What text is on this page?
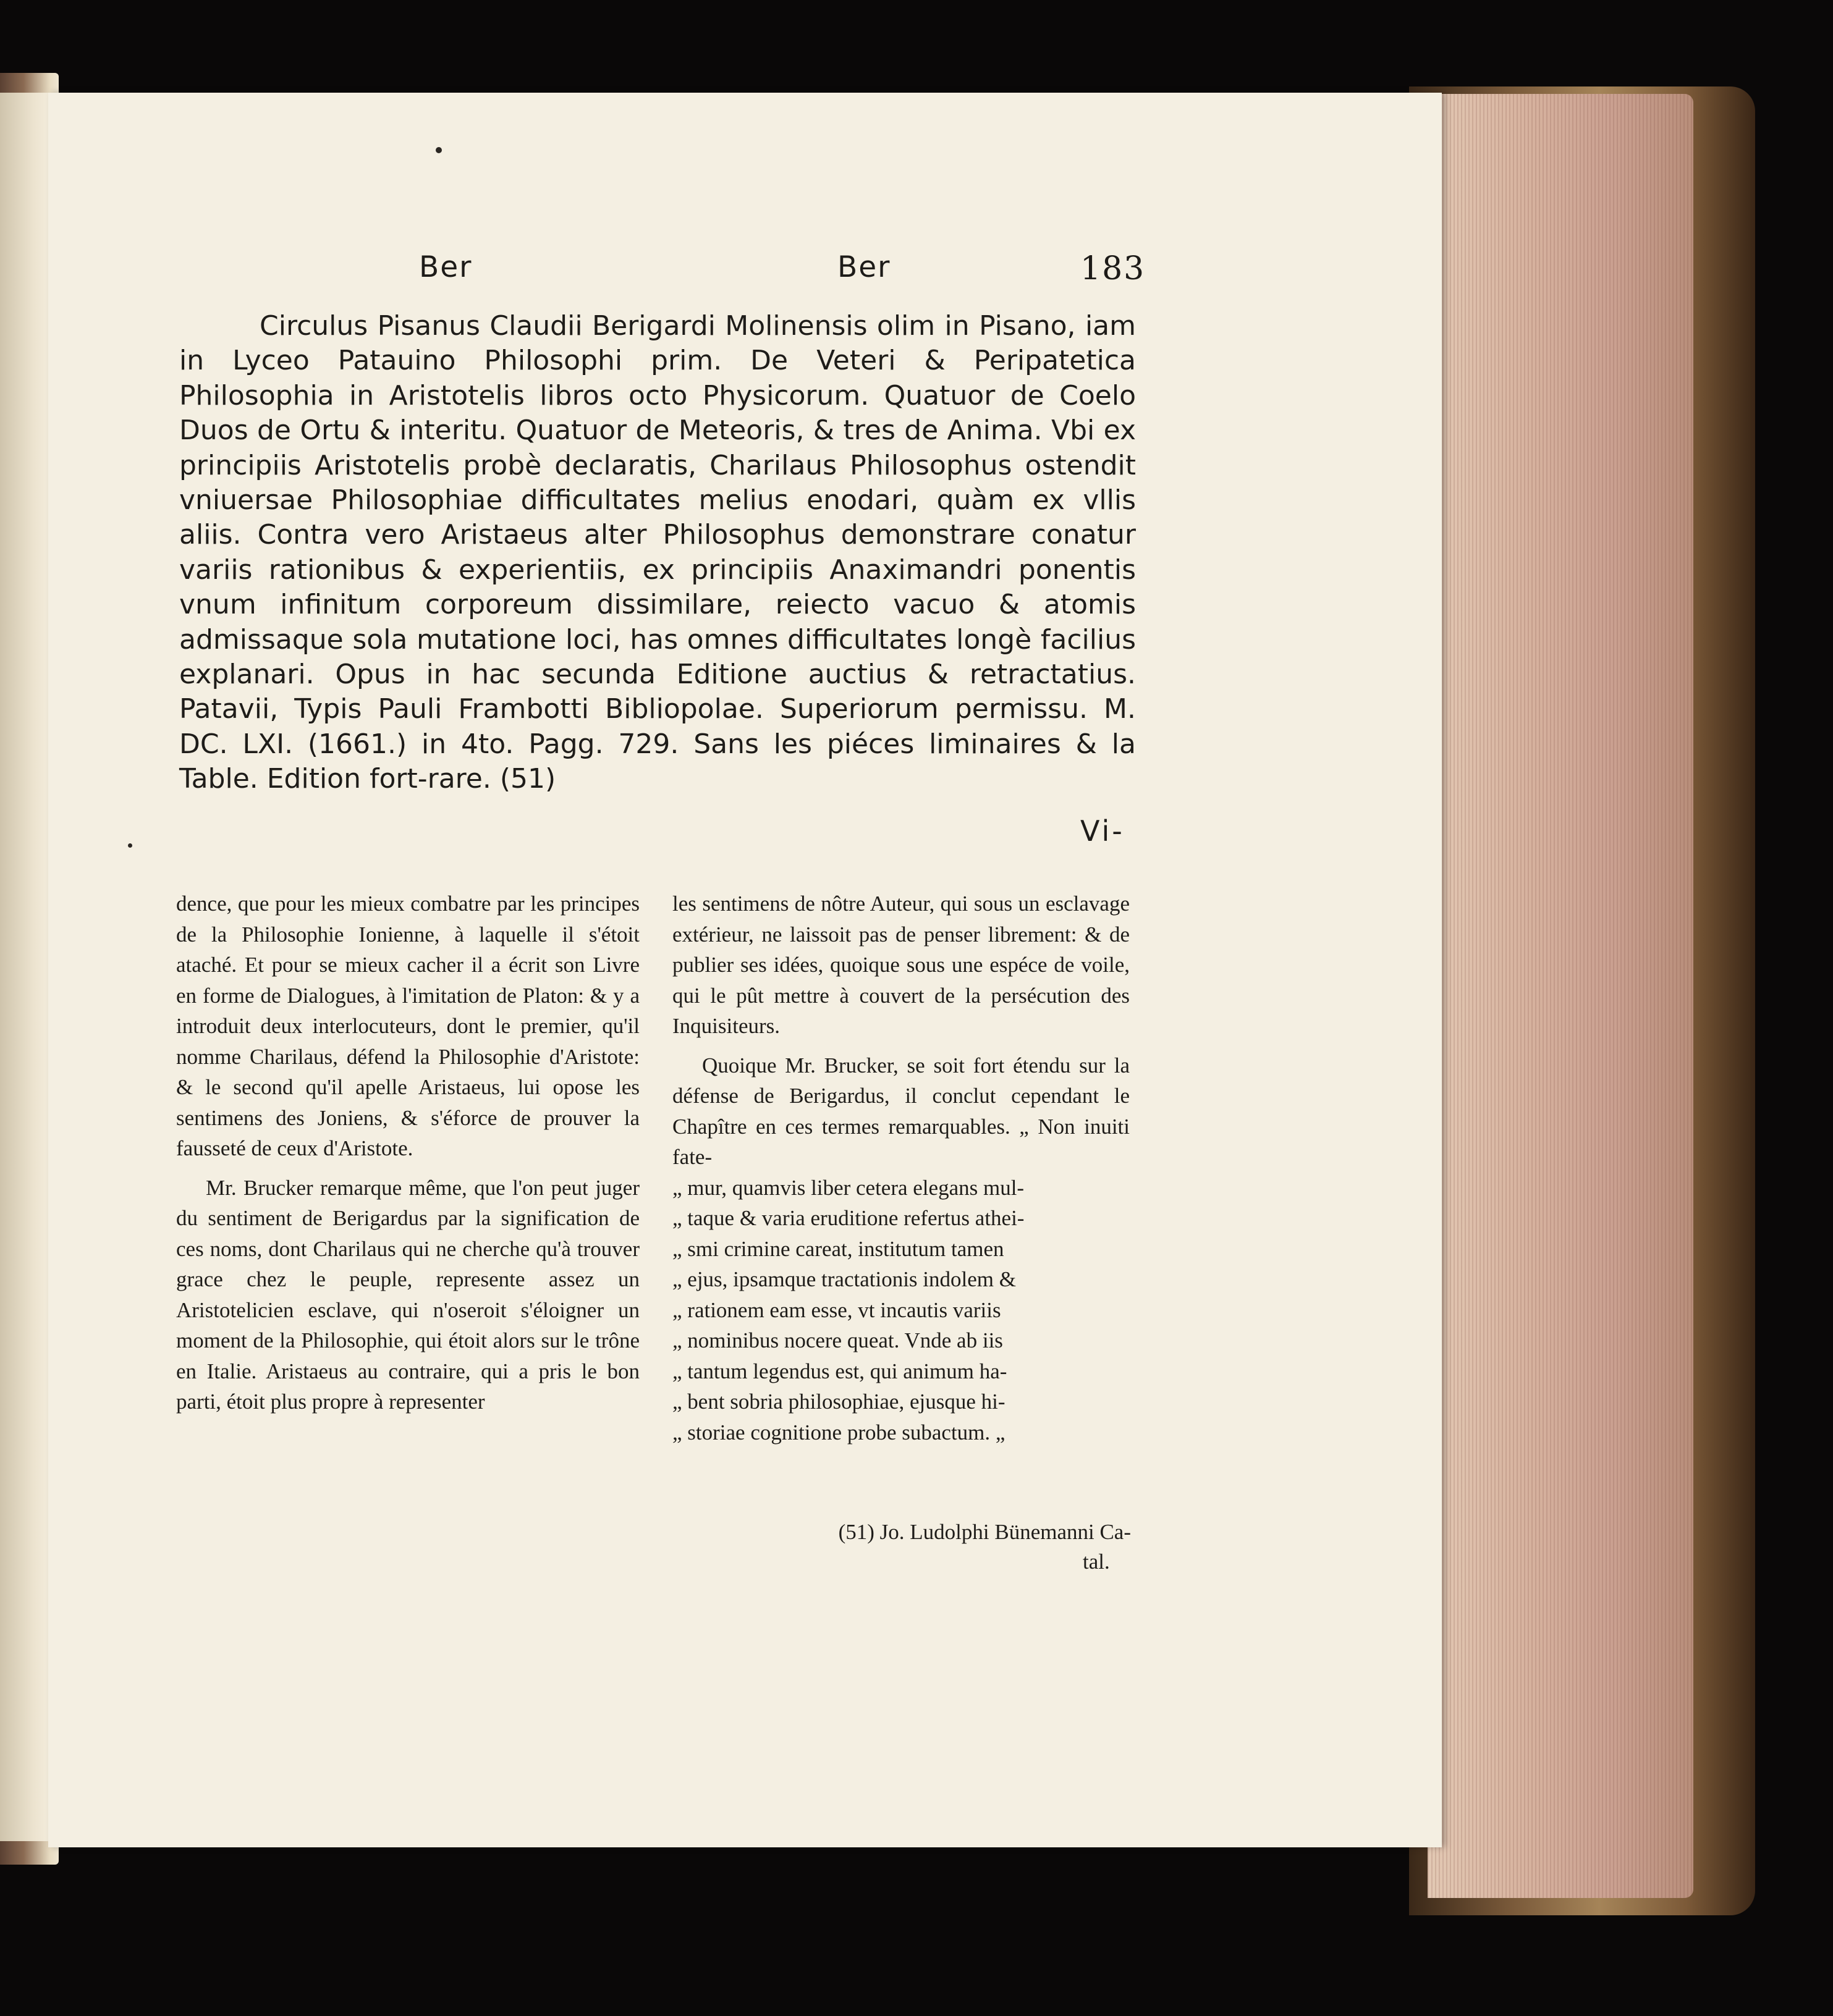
Ber	Ber	183

Circulus Pisanus Claudii Berigardi Molinensis olim in Pisano, iam in Lyceo Patauino Philosophi prim. De Veteri & Peripatetica Philosophia in Aristotelis libros octo Physicorum. Quatuor de Coelo Duos de Ortu & interitu. Quatuor de Meteoris, & tres de Anima. Vbi ex principiis Aristotelis probè declaratis, Charilaus Philosophus ostendit vniuersae Philosophiae difficultates melius enodari, quàm ex vllis aliis. Contra vero Aristaeus alter Philosophus demonstrare conatur variis rationibus & experientiis, ex principiis Anaximandri ponentis vnum infinitum corporeum dissimilare, reiecto vacuo & atomis admissaque sola mutatione loci, has omnes difficultates longè facilius explanari. Opus in hac secunda Editione auctius & retractatius. Patavii, Typis Pauli Frambotti Bibliopolae. Superiorum permissu. M. DC. LXI. (1661.) in 4to. Pagg. 729. Sans les piéces liminaires & la Table. Edition fort-rare. (51)

Vi-

dence, que pour les mieux combatre par les principes de la Philosophie Ionienne, à laquelle il s'étoit ataché. Et pour se mieux cacher il a écrit son Livre en forme de Dialogues, à l'imitation de Platon: & y a introduit deux interlocuteurs, dont le premier, qu'il nomme Charilaus, défend la Philosophie d'Aristote: & le second qu'il apelle Aristaeus, lui opose les sentimens des Joniens, & s'éforce de prouver la fausseté de ceux d'Aristote.

Mr. Brucker remarque même, que l'on peut juger du sentiment de Berigardus par la signification de ces noms, dont Charilaus qui ne cherche qu'à trouver grace chez le peuple, represente assez un Aristotelicien esclave, qui n'oseroit s'éloigner un moment de la Philosophie, qui étoit alors sur le trône en Italie. Aristaeus au contraire, qui a pris le bon parti, étoit plus propre à representer

les sentimens de nôtre Auteur, qui sous un esclavage extérieur, ne laissoit pas de penser librement: & de publier ses idées, quoique sous une espéce de voile, qui le pût mettre à couvert de la persécution des Inquisiteurs.

Quoique Mr. Brucker, se soit fort étendu sur la défense de Berigardus, il conclut cependant le Chapître en ces termes remarquables. „ Non inuiti fate-

„ mur, quamvis liber cetera elegans mul-
„ taque & varia eruditione refertus athei-
„ smi crimine careat, institutum tamen
„ ejus, ipsamque tractationis indolem &
„ rationem eam esse, vt incautis variis
„ nominibus nocere queat. Vnde ab iis
„ tantum legendus est, qui animum ha-
„ bent sobria philosophiae, ejusque hi-
„ storiae cognitione probe subactum. „

(51) Jo. Ludolphi Bünemanni Ca-
tal.
